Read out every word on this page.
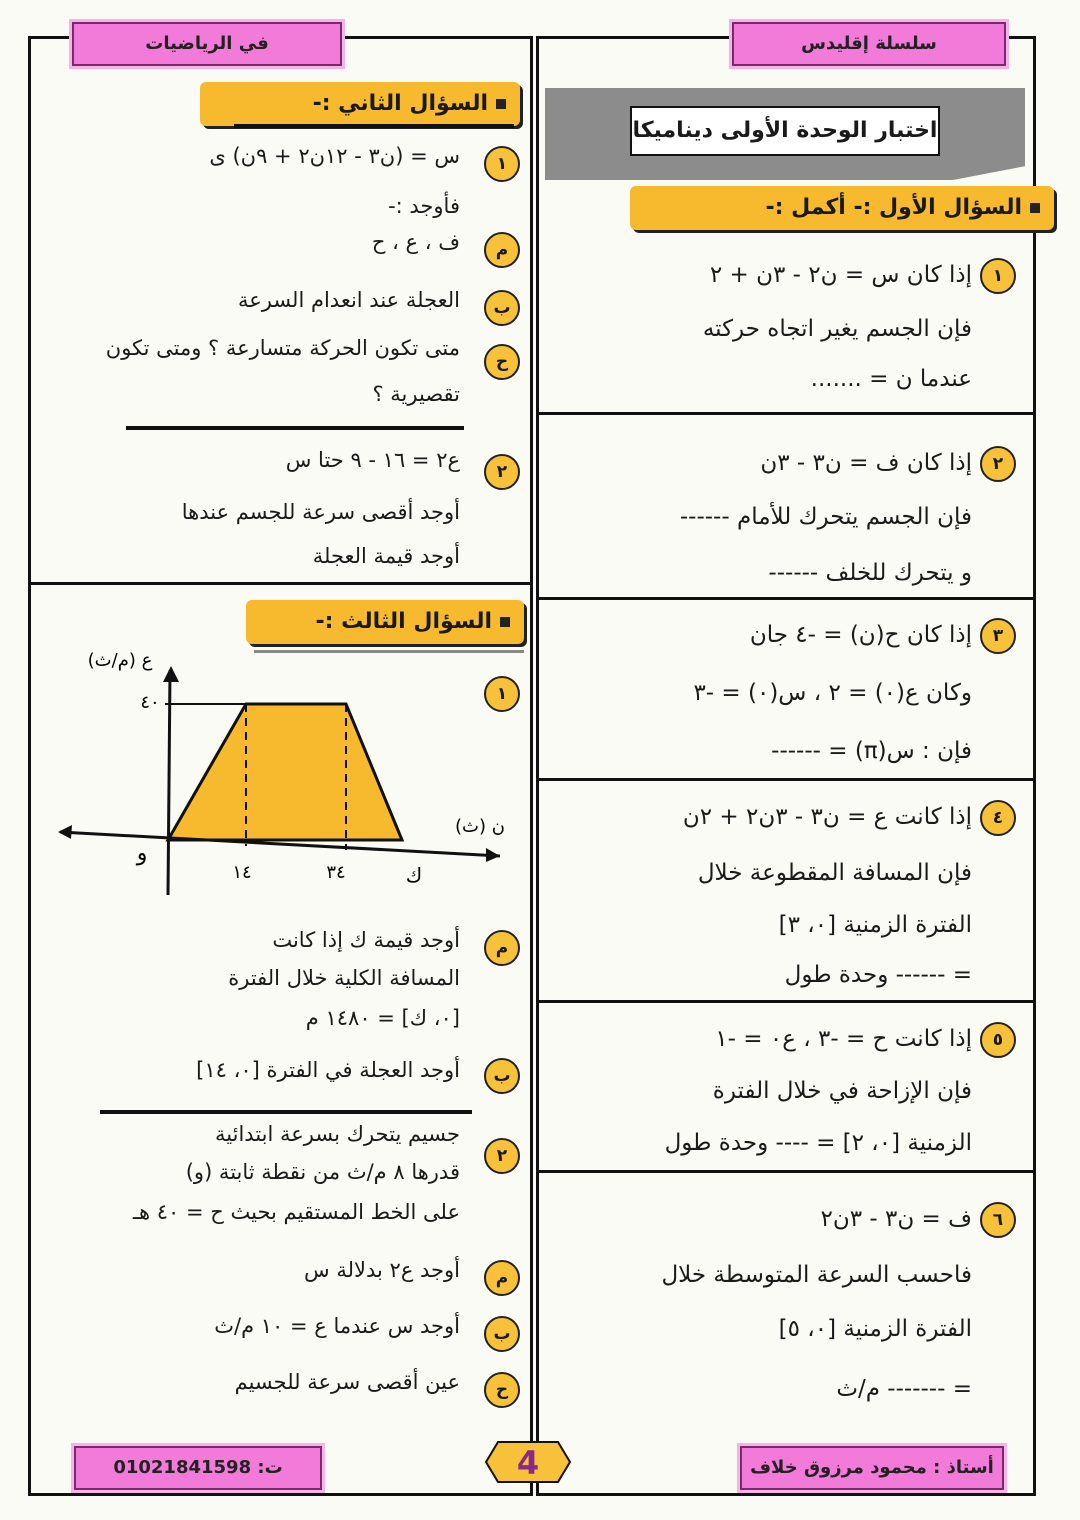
سلسلة إقليدس
في الرياضيات
اختبار الوحدة الأولى ديناميكا
السؤال الأول :- أكمل :-
١
إذا كان س = ن٢ - ٣ن + ٢
فإن الجسم يغير اتجاه حركته
عندما ن = .......
٢
إذا كان ف = ن٣ - ٣ن
فإن الجسم يتحرك للأمام ------
و يتحرك للخلف ------
٣
إذا كان ح(ن) = -٤ جان
وكان ع(٠) = ٢ ، س(٠) = -٣
فإن : س(π) = ------
٤
إذا كانت ع = ن٣ - ٣ن٢ + ٢ن
فإن المسافة المقطوعة خلال
الفترة الزمنية [٠، ٣]
= ------ وحدة طول
٥
إذا كانت ح = -٣ ، ع٠ = -١
فإن الإزاحة في خلال الفترة
الزمنية [٠، ٢] = ---- وحدة طول
٦
ف = ن٣ - ٣ن٢
فاحسب السرعة المتوسطة خلال
الفترة الزمنية [٠، ٥]
= ------- م/ث
السؤال الثاني :-
السؤال الثالث :-
١
ع (م/ث)
٤٠
ن (ث)
و
١٤	٣٤	ك
١
س = (ن٣ - ١٢ن٢ + ٩ن) ى
فأوجد :-
م
ف ، ع ، ح
ب
العجلة عند انعدام السرعة
ح
متى تكون الحركة متسارعة ؟ ومتى تكون
تقصيرية ؟
٢
ع٢ = ١٦ - ٩ حتا س
أوجد أقصى سرعة للجسم عندها
أوجد قيمة العجلة
م
أوجد قيمة ك إذا كانت
المسافة الكلية خلال الفترة
[٠، ك] = ١٤٨٠ م
ب
أوجد العجلة في الفترة [٠، ١٤]
٢
جسيم يتحرك بسرعة ابتدائية
قدرها ٨ م/ث من نقطة ثابتة (و)
على الخط المستقيم بحيث ح = ٤٠ هـ
م
أوجد ع٢ بدلالة س
ب
أوجد س عندما ع = ١٠ م/ث
ح
عين أقصى سرعة للجسيم
أستاذ : محمود مرزوق خلاف
ت: 01021841598	4
